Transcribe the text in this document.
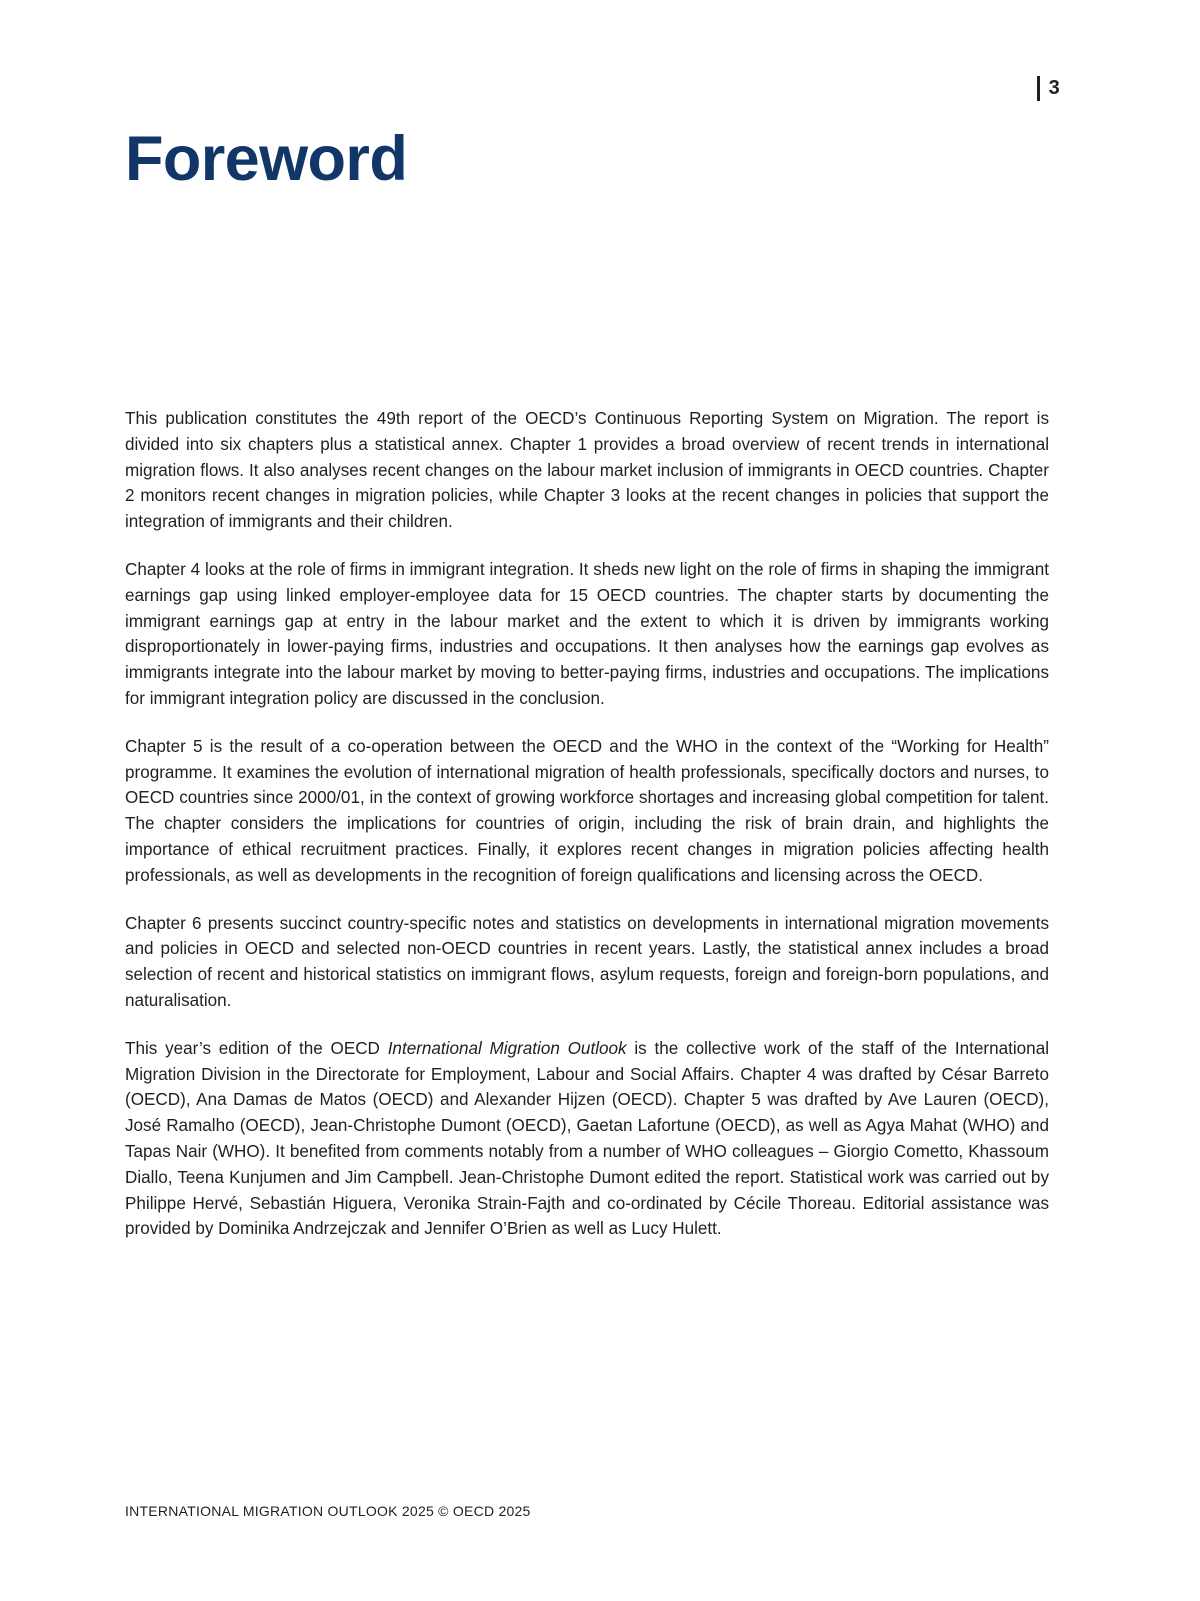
3
Foreword

This publication constitutes the 49th report of the OECD’s Continuous Reporting System on Migration. The report is divided into six chapters plus a statistical annex. Chapter 1 provides a broad overview of recent trends in international migration flows. It also analyses recent changes on the labour market inclusion of immigrants in OECD countries. Chapter 2 monitors recent changes in migration policies, while Chapter 3 looks at the recent changes in policies that support the integration of immigrants and their children.

Chapter 4 looks at the role of firms in immigrant integration. It sheds new light on the role of firms in shaping the immigrant earnings gap using linked employer-employee data for 15 OECD countries. The chapter starts by documenting the immigrant earnings gap at entry in the labour market and the extent to which it is driven by immigrants working disproportionately in lower-paying firms, industries and occupations. It then analyses how the earnings gap evolves as immigrants integrate into the labour market by moving to better-paying firms, industries and occupations. The implications for immigrant integration policy are discussed in the conclusion.

Chapter 5 is the result of a co-operation between the OECD and the WHO in the context of the “Working for Health” programme. It examines the evolution of international migration of health professionals, specifically doctors and nurses, to OECD countries since 2000/01, in the context of growing workforce shortages and increasing global competition for talent. The chapter considers the implications for countries of origin, including the risk of brain drain, and highlights the importance of ethical recruitment practices. Finally, it explores recent changes in migration policies affecting health professionals, as well as developments in the recognition of foreign qualifications and licensing across the OECD.

Chapter 6 presents succinct country-specific notes and statistics on developments in international migration movements and policies in OECD and selected non-OECD countries in recent years. Lastly, the statistical annex includes a broad selection of recent and historical statistics on immigrant flows, asylum requests, foreign and foreign-born populations, and naturalisation.

This year’s edition of the OECD International Migration Outlook is the collective work of the staff of the International Migration Division in the Directorate for Employment, Labour and Social Affairs. Chapter 4 was drafted by César Barreto (OECD), Ana Damas de Matos (OECD) and Alexander Hijzen (OECD). Chapter 5 was drafted by Ave Lauren (OECD), José Ramalho (OECD), Jean-Christophe Dumont (OECD), Gaetan Lafortune (OECD), as well as Agya Mahat (WHO) and Tapas Nair (WHO). It benefited from comments notably from a number of WHO colleagues – Giorgio Cometto, Khassoum Diallo, Teena Kunjumen and Jim Campbell. Jean-Christophe Dumont edited the report. Statistical work was carried out by Philippe Hervé, Sebastián Higuera, Veronika Strain-Fajth and co-ordinated by Cécile Thoreau. Editorial assistance was provided by Dominika Andrzejczak and Jennifer O’Brien as well as Lucy Hulett.

INTERNATIONAL MIGRATION OUTLOOK 2025 © OECD 2025
